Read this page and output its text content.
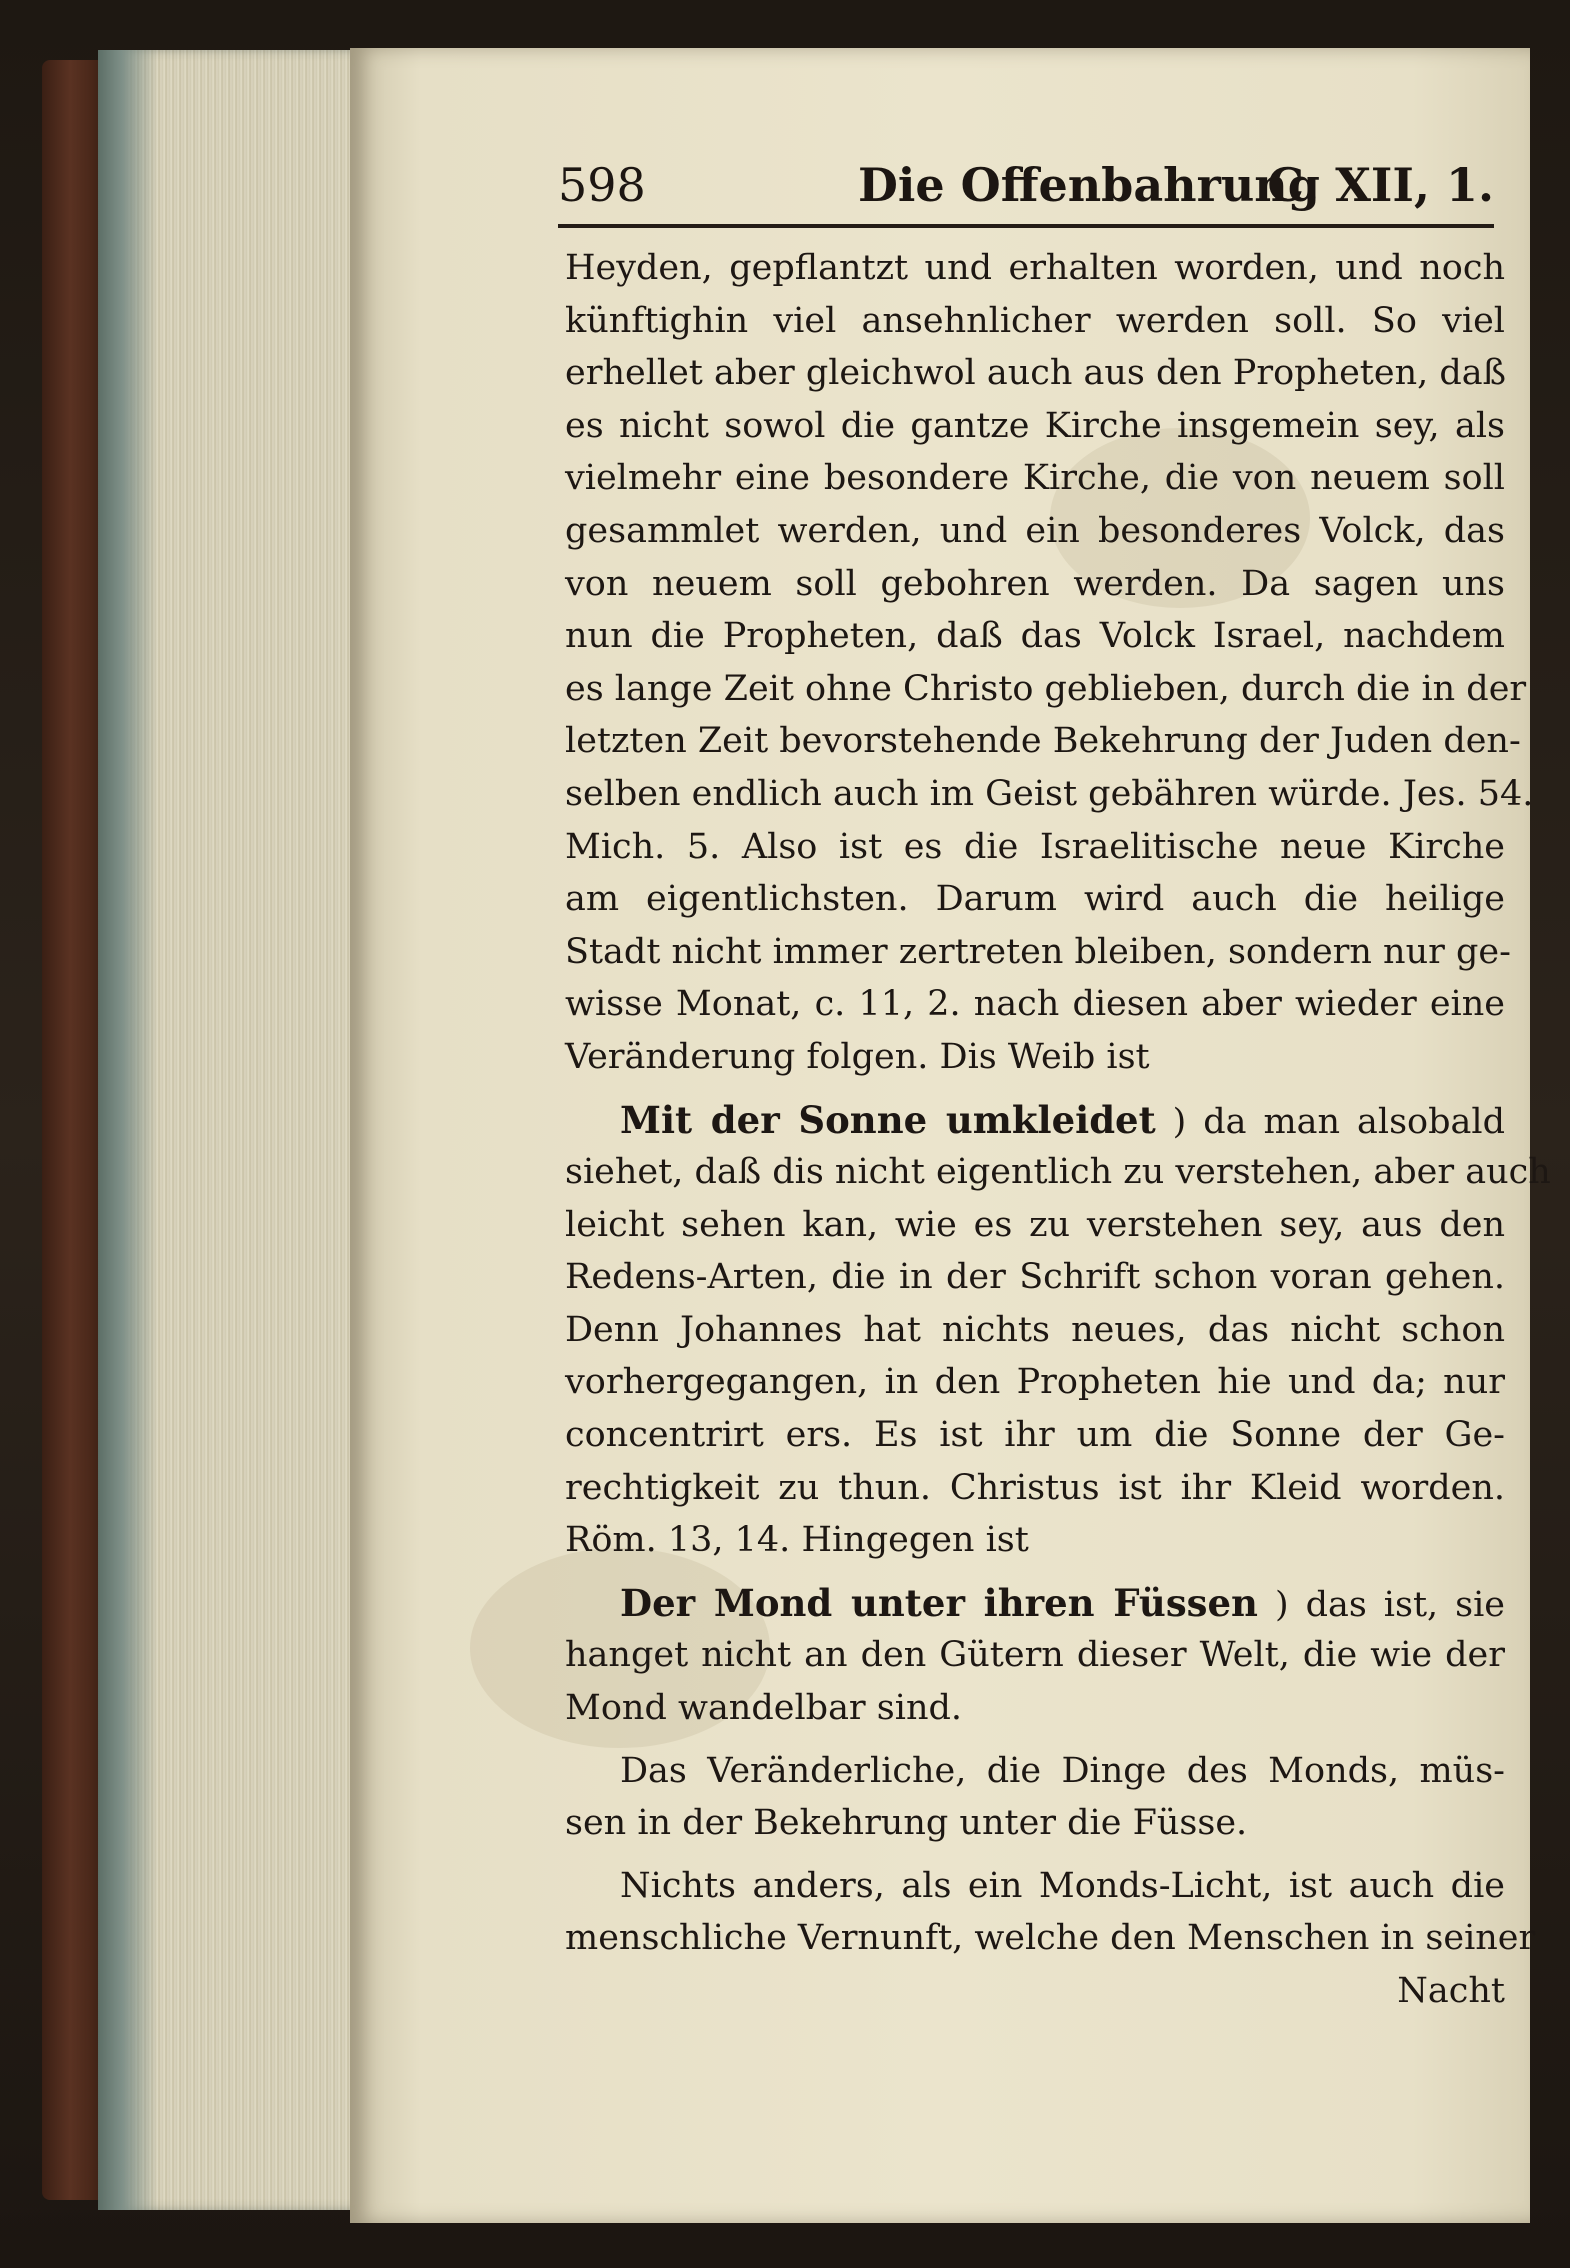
598	Die Offenbahrung
C. XII, 1.
Heyden, gepflantzt und erhalten worden, und noch
künftighin viel ansehnlicher werden soll. So viel
erhellet aber gleichwol auch aus den Propheten, daß
es nicht sowol die gantze Kirche insgemein sey, als
vielmehr eine besondere Kirche, die von neuem soll
gesammlet werden, und ein besonderes Volck, das
von neuem soll gebohren werden. Da sagen uns
nun die Propheten, daß das Volck Israel, nachdem
es lange Zeit ohne Christo geblieben, durch die in der
letzten Zeit bevorstehende Bekehrung der Juden den-
selben endlich auch im Geist gebähren würde. Jes. 54.
Mich. 5. Also ist es die Israelitische neue Kirche
am eigentlichsten. Darum wird auch die heilige
Stadt nicht immer zertreten bleiben, sondern nur ge-
wisse Monat, c. 11, 2. nach diesen aber wieder eine
Veränderung folgen. Dis Weib ist
Mit der Sonne umkleidet ) da man alsobald
siehet, daß dis nicht eigentlich zu verstehen, aber auch
leicht sehen kan, wie es zu verstehen sey, aus den
Redens-Arten, die in der Schrift schon voran gehen.
Denn Johannes hat nichts neues, das nicht schon
vorhergegangen, in den Propheten hie und da; nur
concentrirt ers. Es ist ihr um die Sonne der Ge-
rechtigkeit zu thun. Christus ist ihr Kleid worden.
Röm. 13, 14. Hingegen ist
Der Mond unter ihren Füssen ) das ist, sie
hanget nicht an den Gütern dieser Welt, die wie der
Mond wandelbar sind.
Das Veränderliche, die Dinge des Monds, müs-
sen in der Bekehrung unter die Füsse.
Nichts anders, als ein Monds-Licht, ist auch die
menschliche Vernunft, welche den Menschen in seiner
Nacht
